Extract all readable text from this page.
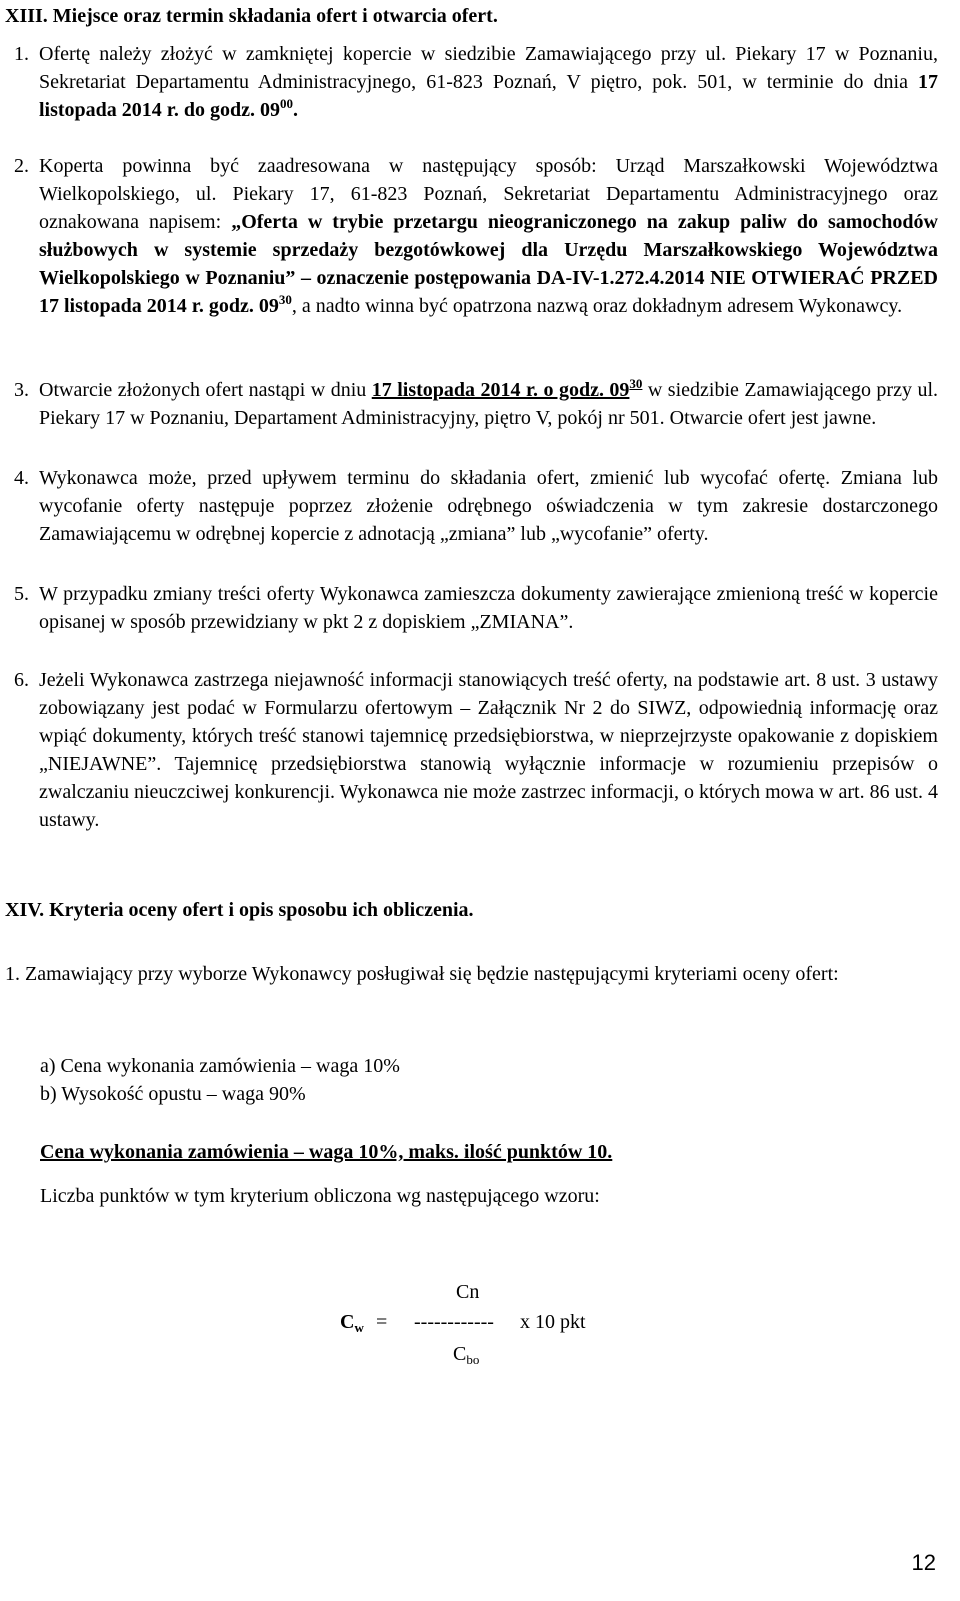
XIII. Miejsce oraz termin składania ofert i otwarcia ofert.
1. Ofertę należy złożyć w zamkniętej kopercie w siedzibie Zamawiającego przy ul. Piekary 17 w Poznaniu, Sekretariat Departamentu Administracyjnego, 61-823 Poznań, V piętro, pok. 501, w terminie do dnia 17 listopada 2014 r. do godz. $09^{00}$.
2. Koperta powinna być zaadresowana w następujący sposób: Urząd Marszałkowski Województwa Wielkopolskiego, ul. Piekary 17, 61-823 Poznań, Sekretariat Departamentu Administracyjnego oraz oznakowana napisem: „Oferta w trybie przetargu nieograniczonego na zakup paliw do samochodów służbowych w systemie sprzedaży bezgotówkowej dla Urzędu Marszałkowskiego Województwa Wielkopolskiego w Poznaniu” – oznaczenie postępowania DA-IV-1.272.4.2014 NIE OTWIERAĆ PRZED 17 listopada 2014 r. godz. $09^{30}$, a nadto winna być opatrzona nazwą oraz dokładnym adresem Wykonawcy.
3. Otwarcie złożonych ofert nastąpi w dniu 17 listopada 2014 r. o godz. $09^{30}$ w siedzibie Zamawiającego przy ul. Piekary 17 w Poznaniu, Departament Administracyjny, piętro V, pokój nr 501. Otwarcie ofert jest jawne.
4. Wykonawca może, przed upływem terminu do składania ofert, zmienić lub wycofać ofertę. Zmiana lub wycofanie oferty następuje poprzez złożenie odrębnego oświadczenia w tym zakresie dostarczonego Zamawiającemu w odrębnej kopercie z adnotacją „zmiana” lub „wycofanie” oferty.
5. W przypadku zmiany treści oferty Wykonawca zamieszcza dokumenty zawierające zmienioną treść w kopercie opisanej w sposób przewidziany w pkt 2 z dopiskiem „ZMIANA”.
6. Jeżeli Wykonawca zastrzega niejawność informacji stanowiących treść oferty, na podstawie art. 8 ust. 3 ustawy zobowiązany jest podać w Formularzu ofertowym – Załącznik Nr 2 do SIWZ, odpowiednią informację oraz wpiąć dokumenty, których treść stanowi tajemnicę przedsiębiorstwa, w nieprzejrzyste opakowanie z dopiskiem „NIEJAWNE”. Tajemnicę przedsiębiorstwa stanowią wyłącznie informacje w rozumieniu przepisów o zwalczaniu nieuczciwej konkurencji. Wykonawca nie może zastrzec informacji, o których mowa w art. 86 ust. 4 ustawy.
XIV. Kryteria oceny ofert i opis sposobu ich obliczenia.
1. Zamawiający przy wyborze Wykonawcy posługiwał się będzie następującymi kryteriami oceny ofert:
a) Cena wykonania zamówienia – waga 10%
b) Wysokość opustu – waga 90%
Cena wykonania zamówienia – waga 10%, maks. ilość punktów 10.
Liczba punktów w tym kryterium obliczona wg następującego wzoru:
Cn
$C_w$ = ------------ x 10 pkt
$C_{bo}$
12
